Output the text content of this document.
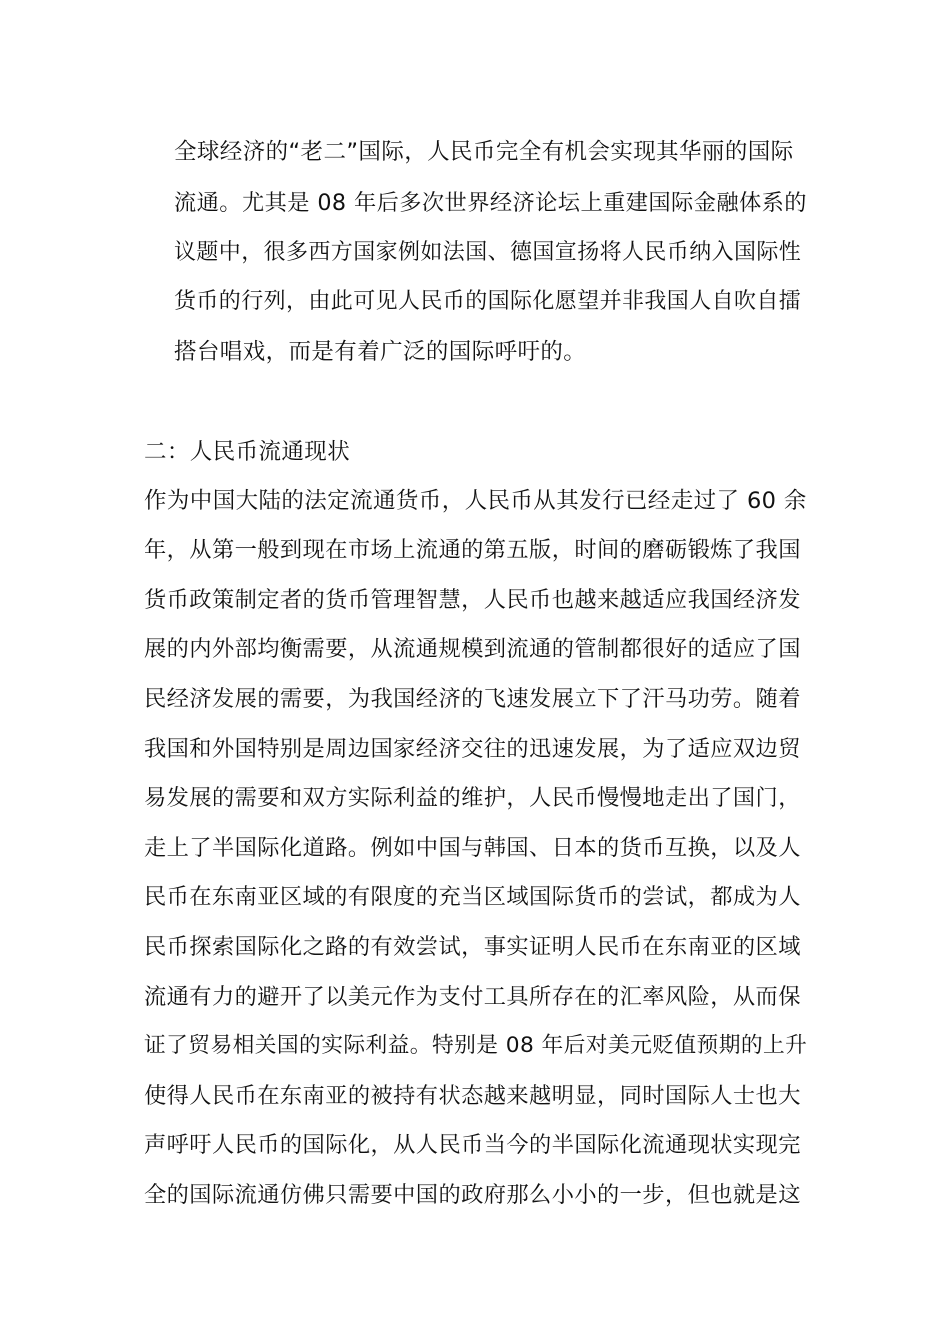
全球经济的“老二”国际，人民币完全有机会实现其华丽的国际
流通。尤其是 08 年后多次世界经济论坛上重建国际金融体系的
议题中，很多西方国家例如法国、德国宣扬将人民币纳入国际性
货币的行列，由此可见人民币的国际化愿望并非我国人自吹自擂
搭台唱戏，而是有着广泛的国际呼吁的。
二：人民币流通现状
作为中国大陆的法定流通货币，人民币从其发行已经走过了 60 余
年，从第一般到现在市场上流通的第五版，时间的磨砺锻炼了我国
货币政策制定者的货币管理智慧，人民币也越来越适应我国经济发
展的内外部均衡需要，从流通规模到流通的管制都很好的适应了国
民经济发展的需要，为我国经济的飞速发展立下了汗马功劳。随着
我国和外国特别是周边国家经济交往的迅速发展，为了适应双边贸
易发展的需要和双方实际利益的维护，人民币慢慢地走出了国门，
走上了半国际化道路。例如中国与韩国、日本的货币互换，以及人
民币在东南亚区域的有限度的充当区域国际货币的尝试，都成为人
民币探索国际化之路的有效尝试，事实证明人民币在东南亚的区域
流通有力的避开了以美元作为支付工具所存在的汇率风险，从而保
证了贸易相关国的实际利益。特别是 08 年后对美元贬值预期的上升
使得人民币在东南亚的被持有状态越来越明显，同时国际人士也大
声呼吁人民币的国际化，从人民币当今的半国际化流通现状实现完
全的国际流通仿佛只需要中国的政府那么小小的一步，但也就是这
